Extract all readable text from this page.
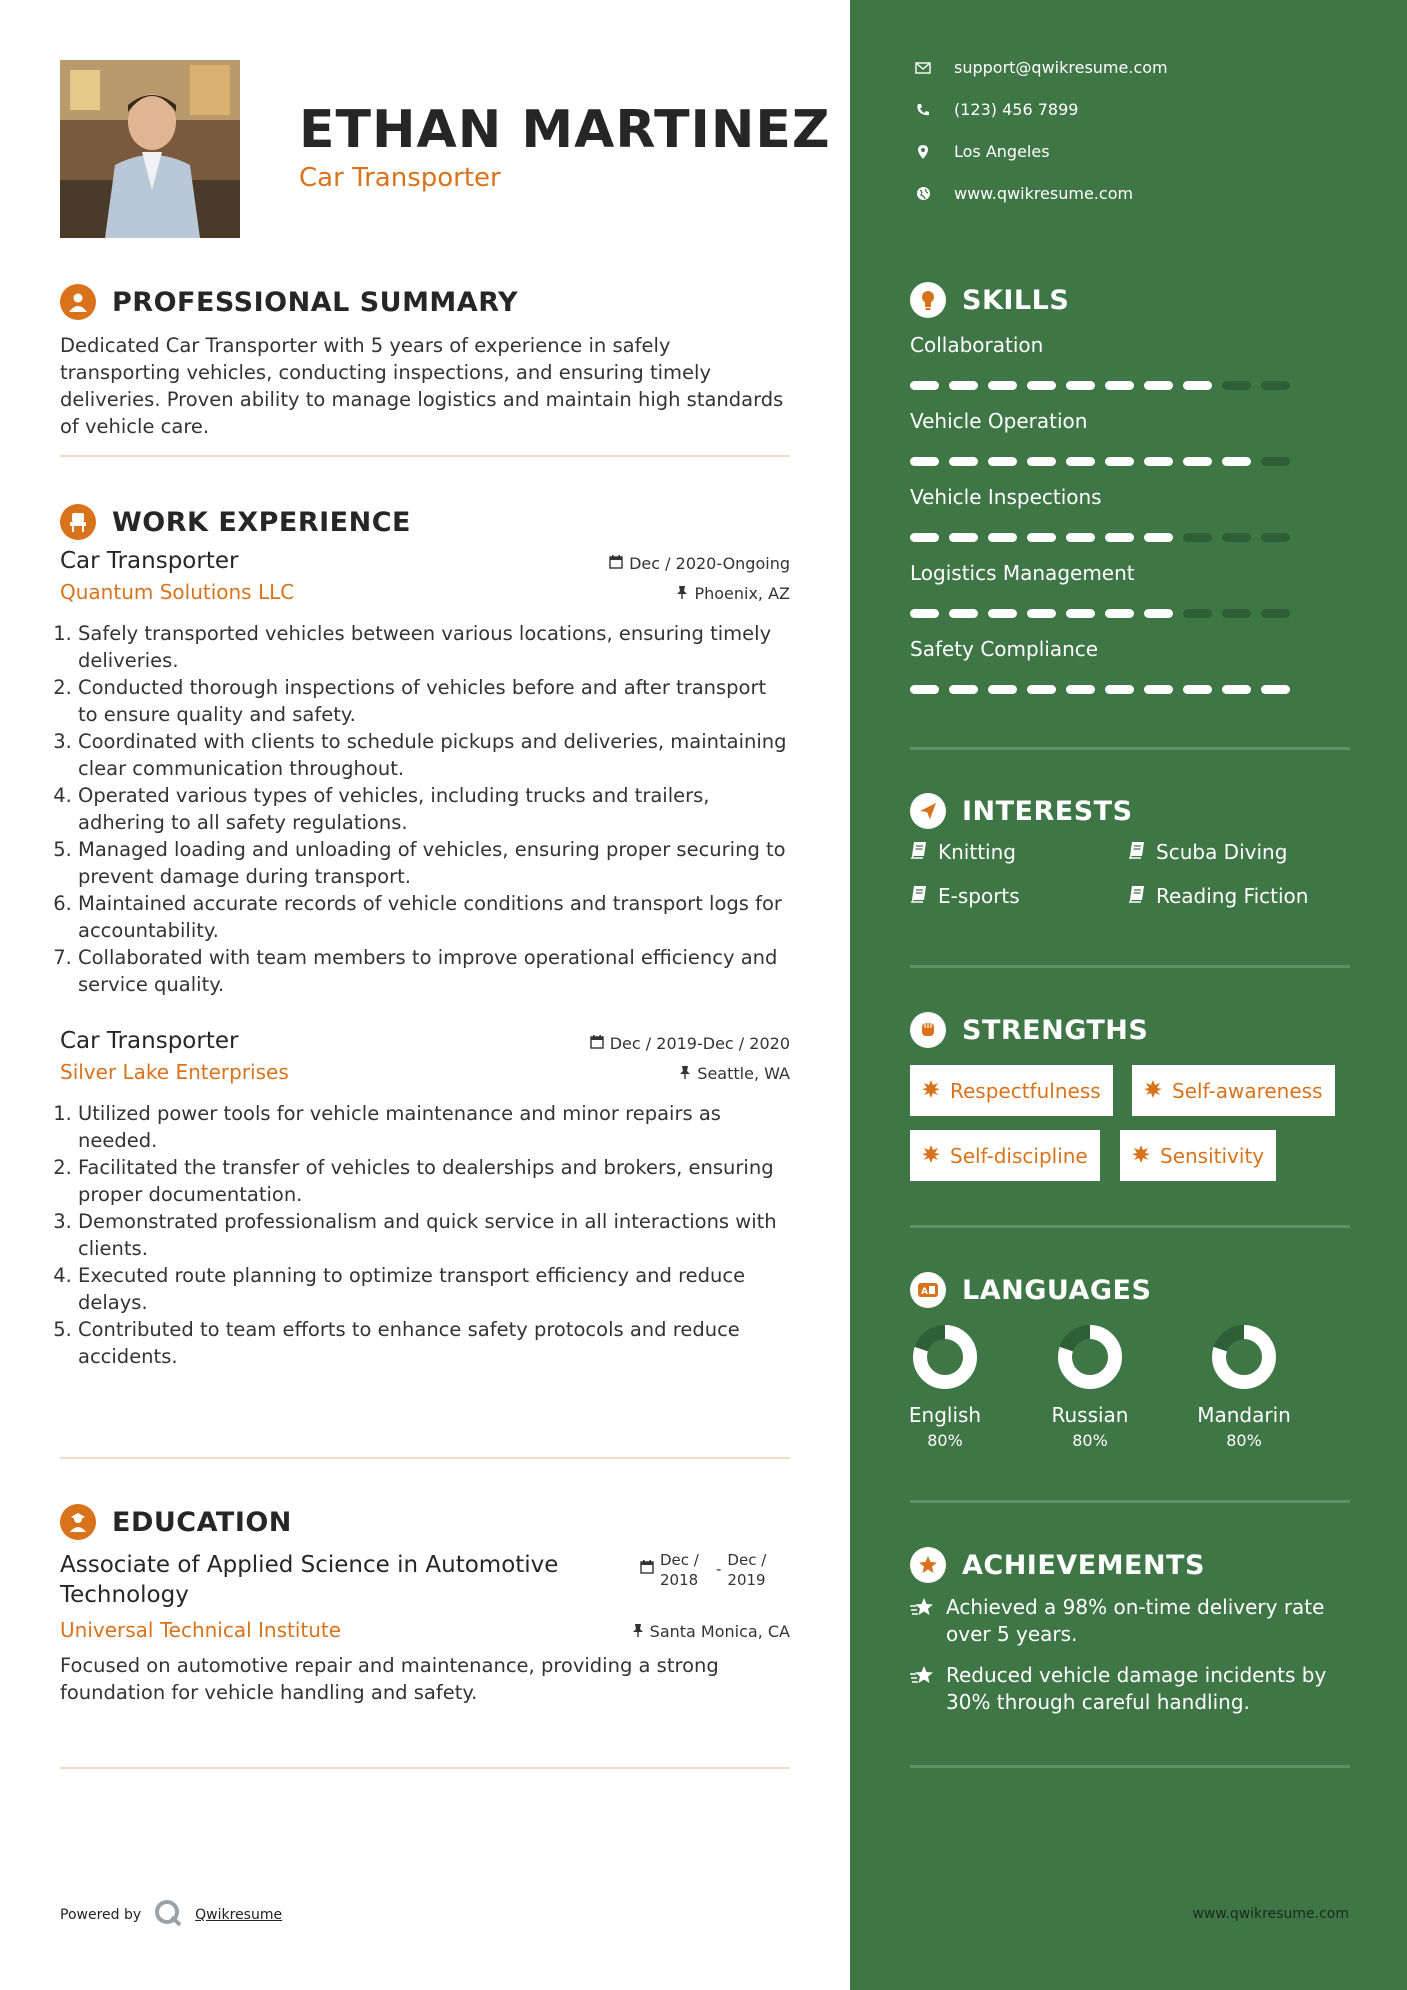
ETHAN MARTINEZ
Car Transporter
PROFESSIONAL SUMMARY

Dedicated Car Transporter with 5 years of experience in safely transporting vehicles, conducting inspections, and ensuring timely deliveries. Proven ability to manage logistics and maintain high standards of vehicle care.

WORK EXPERIENCE
Car Transporter	Dec / 2020-Ongoing
Quantum Solutions LLC	Phoenix, AZ
1. Safely transported vehicles between various locations, ensuring timely deliveries.
2. Conducted thorough inspections of vehicles before and after transport to ensure quality and safety.
3. Coordinated with clients to schedule pickups and deliveries, maintaining clear communication throughout.
4. Operated various types of vehicles, including trucks and trailers, adhering to all safety regulations.
5. Managed loading and unloading of vehicles, ensuring proper securing to prevent damage during transport.
6. Maintained accurate records of vehicle conditions and transport logs for accountability.
7. Collaborated with team members to improve operational efficiency and service quality.
Car Transporter	Dec / 2019-Dec / 2020
Silver Lake Enterprises	Seattle, WA
1. Utilized power tools for vehicle maintenance and minor repairs as needed.
2. Facilitated the transfer of vehicles to dealerships and brokers, ensuring proper documentation.
3. Demonstrated professionalism and quick service in all interactions with clients.
4. Executed route planning to optimize transport efficiency and reduce delays.
5. Contributed to team efforts to enhance safety protocols and reduce accidents.
EDUCATION
Associate of Applied Science in Automotive Technology
Dec / 2018
- Dec / 2019
Universal Technical Institute	Santa Monica, CA

Focused on automotive repair and maintenance, providing a strong foundation for vehicle handling and safety.

Powered by	Qwikresume
support@qwikresume.com
(123) 456 7899
Los Angeles
www.qwikresume.com
SKILLS
Collaboration
Vehicle Operation
Vehicle Inspections
Logistics Management
Safety Compliance
INTERESTS
Knitting	Scuba Diving
E-sports	Reading Fiction
STRENGTHS
Respectfulness	Self-awareness
Self-discipline	Sensitivity
A LANGUAGES
English
80%
Russian
80%
Mandarin
80%
ACHIEVEMENTS
Achieved a 98% on-time delivery rate over 5 years.
Reduced vehicle damage incidents by 30% through careful handling.
www.qwikresume.com
